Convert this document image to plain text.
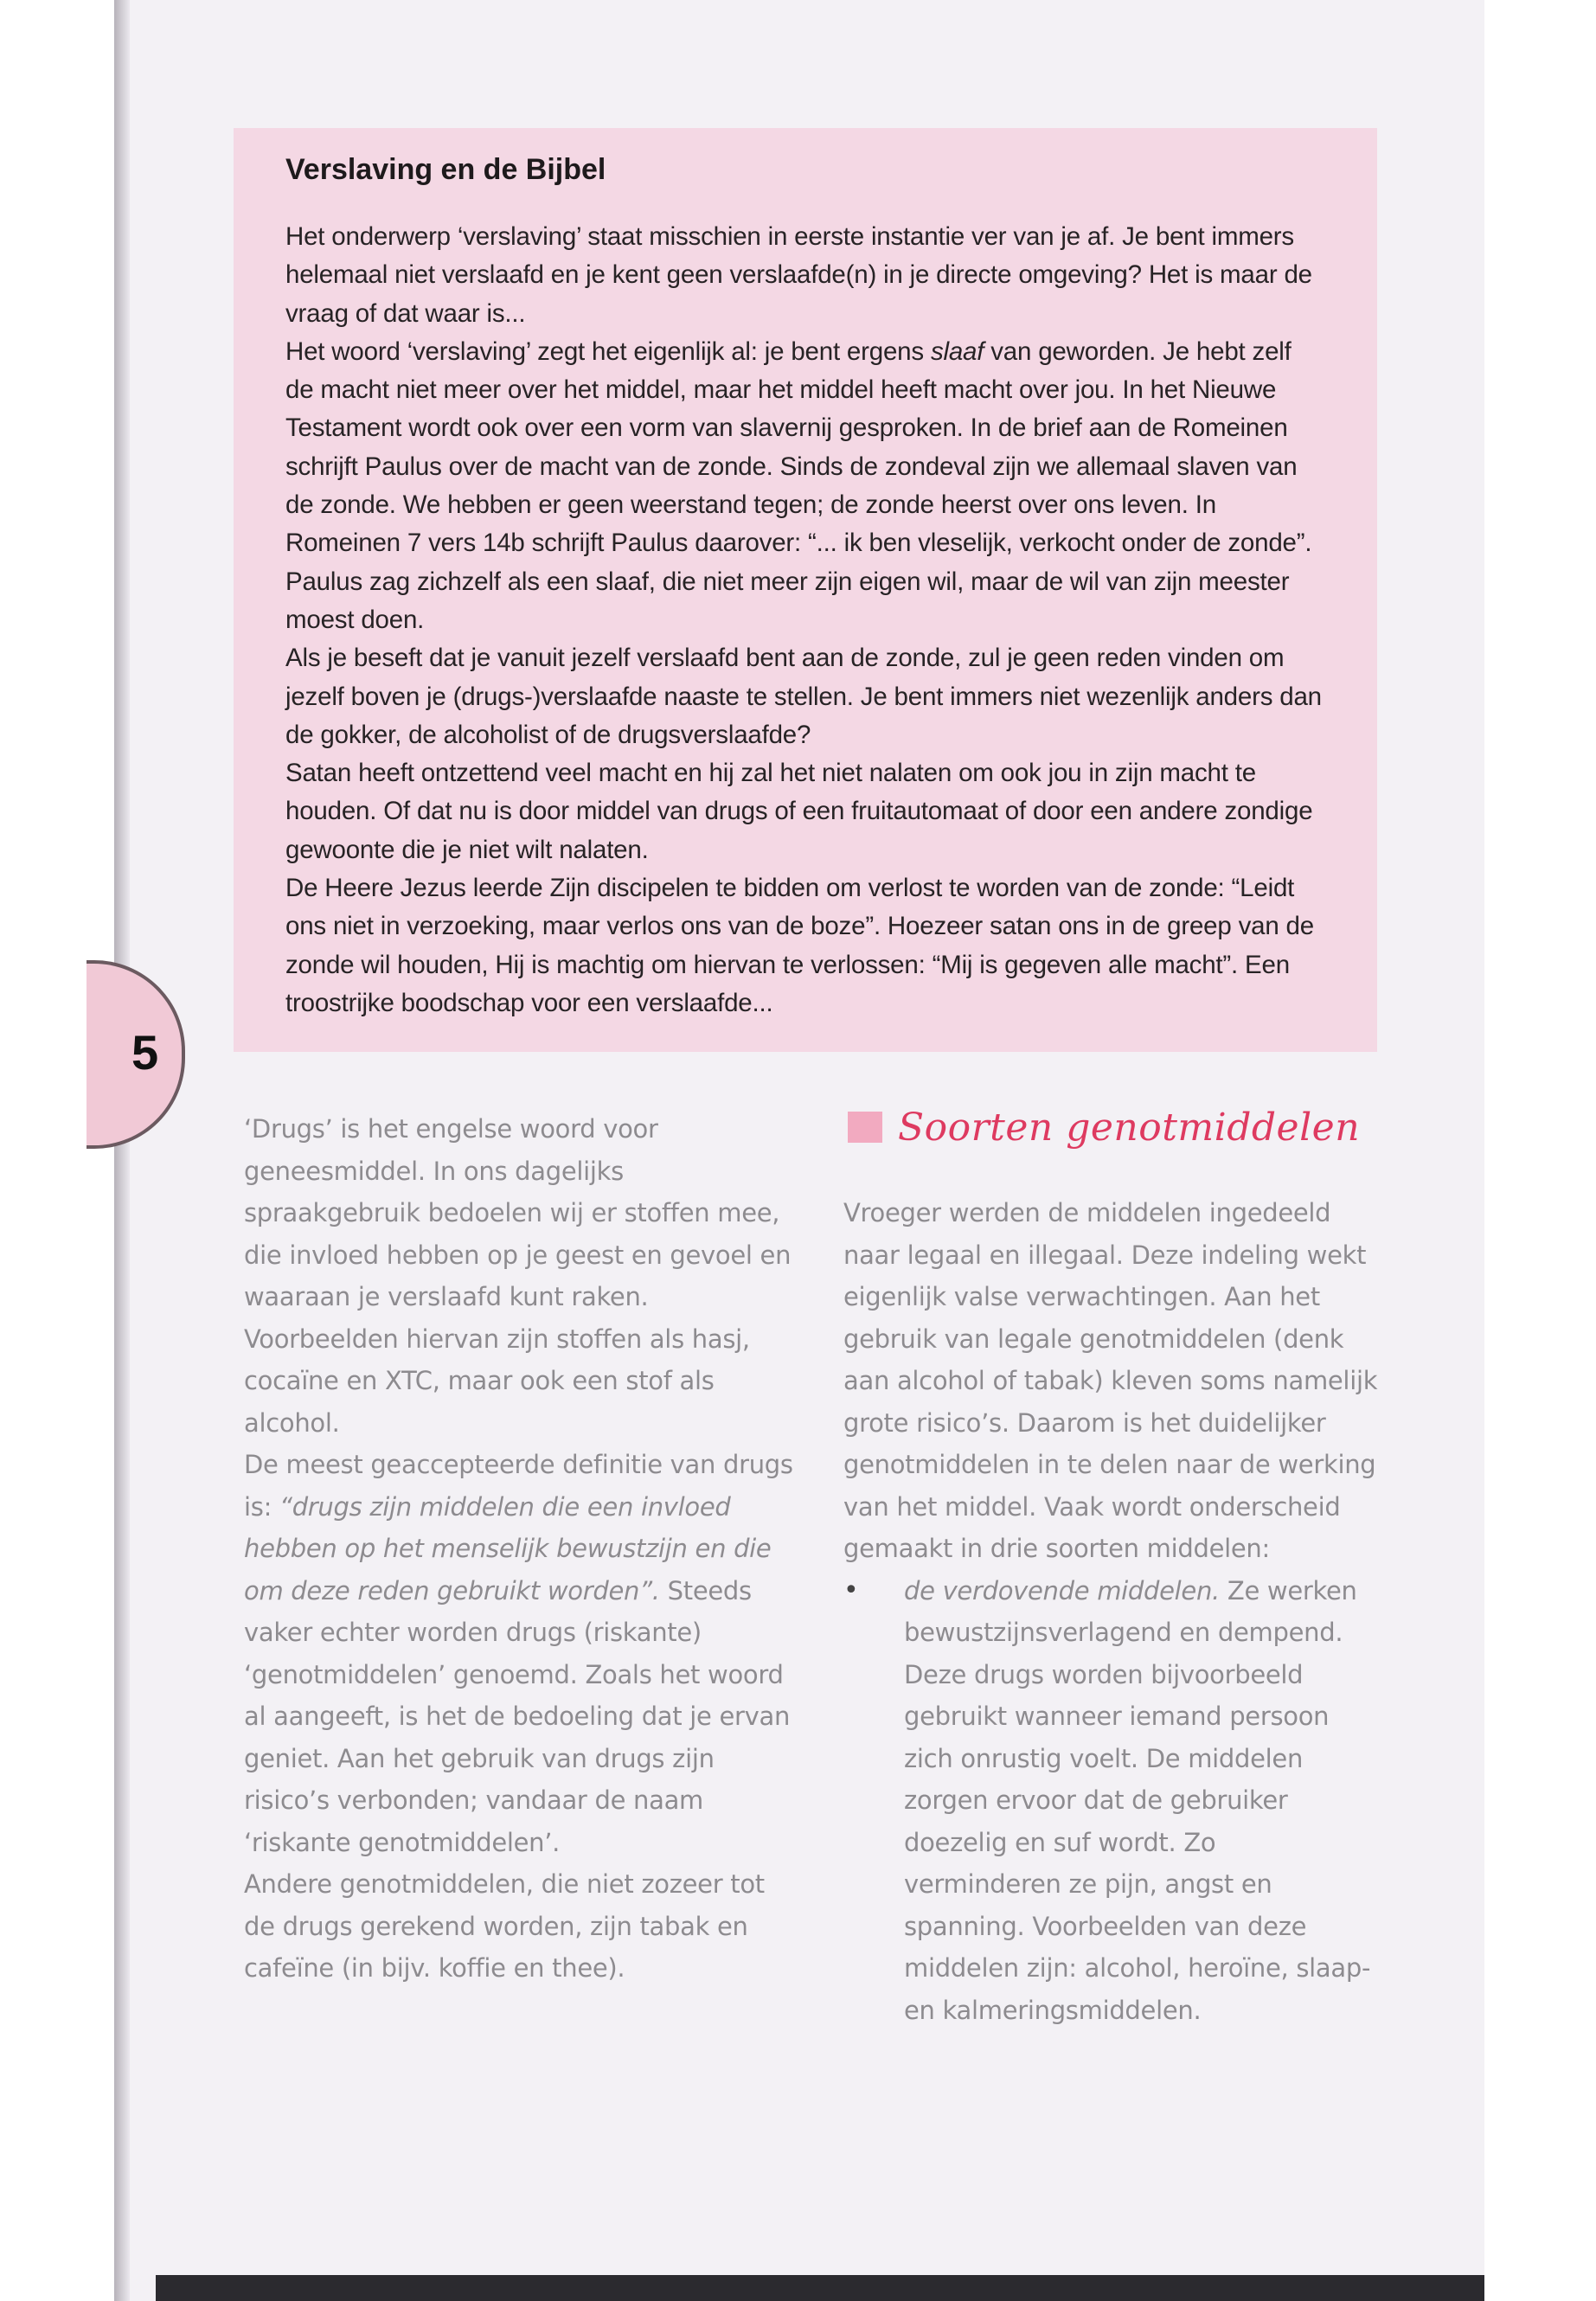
5
Verslaving en de Bijbel

Het onderwerp ‘verslaving’ staat misschien in eerste instantie ver van je af. Je bent immers helemaal niet verslaafd en je kent geen verslaafde(n) in je directe omgeving? Het is maar de vraag of dat waar is...

Het woord ‘verslaving’ zegt het eigenlijk al: je bent ergens slaaf van geworden. Je hebt zelf de macht niet meer over het middel, maar het middel heeft macht over jou. In het Nieuwe Testament wordt ook over een vorm van slavernij gesproken. In de brief aan de Romeinen schrijft Paulus over de macht van de zonde. Sinds de zondeval zijn we allemaal slaven van de zonde. We hebben er geen weerstand tegen; de zonde heerst over ons leven. In Romeinen 7 vers 14b schrijft Paulus daarover: “... ik ben vleselijk, verkocht onder de zonde”. Paulus zag zichzelf als een slaaf, die niet meer zijn eigen wil, maar de wil van zijn meester moest doen.

Als je beseft dat je vanuit jezelf verslaafd bent aan de zonde, zul je geen reden vinden om jezelf boven je (drugs-)verslaafde naaste te stellen. Je bent immers niet wezenlijk anders dan de gokker, de alcoholist of de drugsverslaafde?

Satan heeft ontzettend veel macht en hij zal het niet nalaten om ook jou in zijn macht te houden. Of dat nu is door middel van drugs of een fruitautomaat of door een andere zondige gewoonte die je niet wilt nalaten.

De Heere Jezus leerde Zijn discipelen te bidden om verlost te worden van de zonde: “Leidt ons niet in verzoeking, maar verlos ons van de boze”. Hoezeer satan ons in de greep van de zonde wil houden, Hij is machtig om hiervan te verlossen: “Mij is gegeven alle macht”. Een troostrijke boodschap voor een verslaafde...

‘Drugs’ is het engelse woord voor geneesmiddel. In ons dagelijks spraakgebruik bedoelen wij er stoffen mee, die invloed hebben op je geest en gevoel en waaraan je verslaafd kunt raken. Voorbeelden hiervan zijn stoffen als hasj, cocaïne en XTC, maar ook een stof als alcohol.

De meest geaccepteerde definitie van drugs is: “drugs zijn middelen die een invloed hebben op het menselijk bewustzijn en die om deze reden gebruikt worden”. Steeds vaker echter worden drugs (riskante) ‘genotmiddelen’ genoemd. Zoals het woord al aangeeft, is het de bedoeling dat je ervan geniet. Aan het gebruik van drugs zijn risico’s verbonden; vandaar de naam ‘riskante genotmiddelen’.

Andere genotmiddelen, die niet zozeer tot de drugs gerekend worden, zijn tabak en cafeïne (in bijv. koffie en thee).

Soorten genotmiddelen

Vroeger werden de middelen ingedeeld naar legaal en illegaal. Deze indeling wekt eigenlijk valse verwachtingen. Aan het gebruik van legale genotmiddelen (denk aan alcohol of tabak) kleven soms namelijk grote risico’s. Daarom is het duidelijker genotmiddelen in te delen naar de werking van het middel. Vaak wordt onderscheid gemaakt in drie soorten middelen:

• de verdovende middelen. Ze werken bewustzijnsverlagend en dempend. Deze drugs worden bijvoorbeeld gebruikt wanneer iemand persoon zich onrustig voelt. De middelen zorgen ervoor dat de gebruiker doezelig en suf wordt. Zo verminderen ze pijn, angst en spanning. Voorbeelden van deze middelen zijn: alcohol, heroïne, slaap- en kalmeringsmiddelen.
